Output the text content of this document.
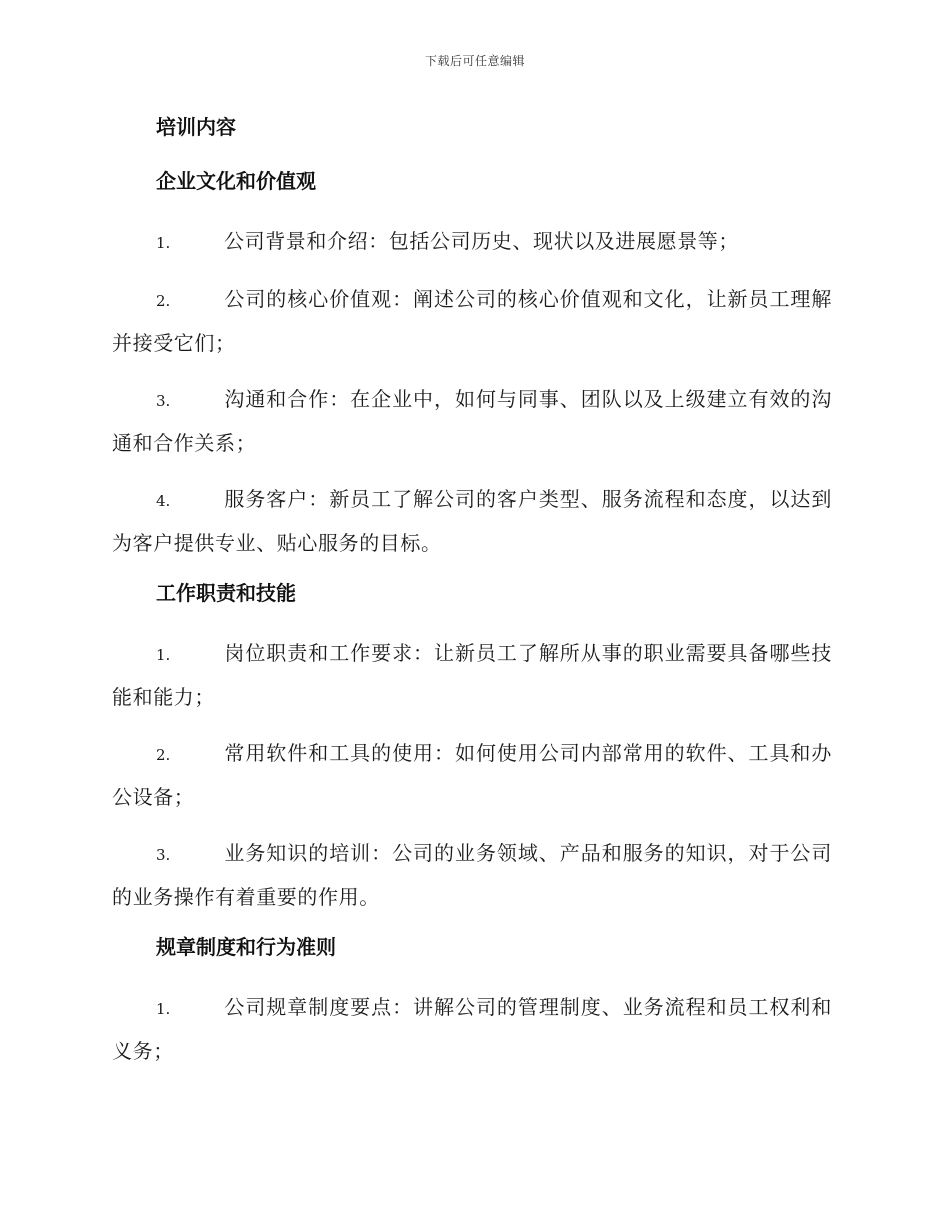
下载后可任意编辑
培训内容
企业文化和价值观
1.	公司背景和介绍：包括公司历史、现状以及进展愿景等；
2.	公司的核心价值观：阐述公司的核心价值观和文化，让新员工理解并接受它们；
3.	沟通和合作：在企业中，如何与同事、团队以及上级建立有效的沟通和合作关系；
4.	服务客户：新员工了解公司的客户类型、服务流程和态度，以达到为客户提供专业、贴心服务的目标。
工作职责和技能
1.	岗位职责和工作要求：让新员工了解所从事的职业需要具备哪些技能和能力；
2.	常用软件和工具的使用：如何使用公司内部常用的软件、工具和办公设备；
3.	业务知识的培训：公司的业务领域、产品和服务的知识，对于公司的业务操作有着重要的作用。
规章制度和行为准则
1.	公司规章制度要点：讲解公司的管理制度、业务流程和员工权利和义务；
